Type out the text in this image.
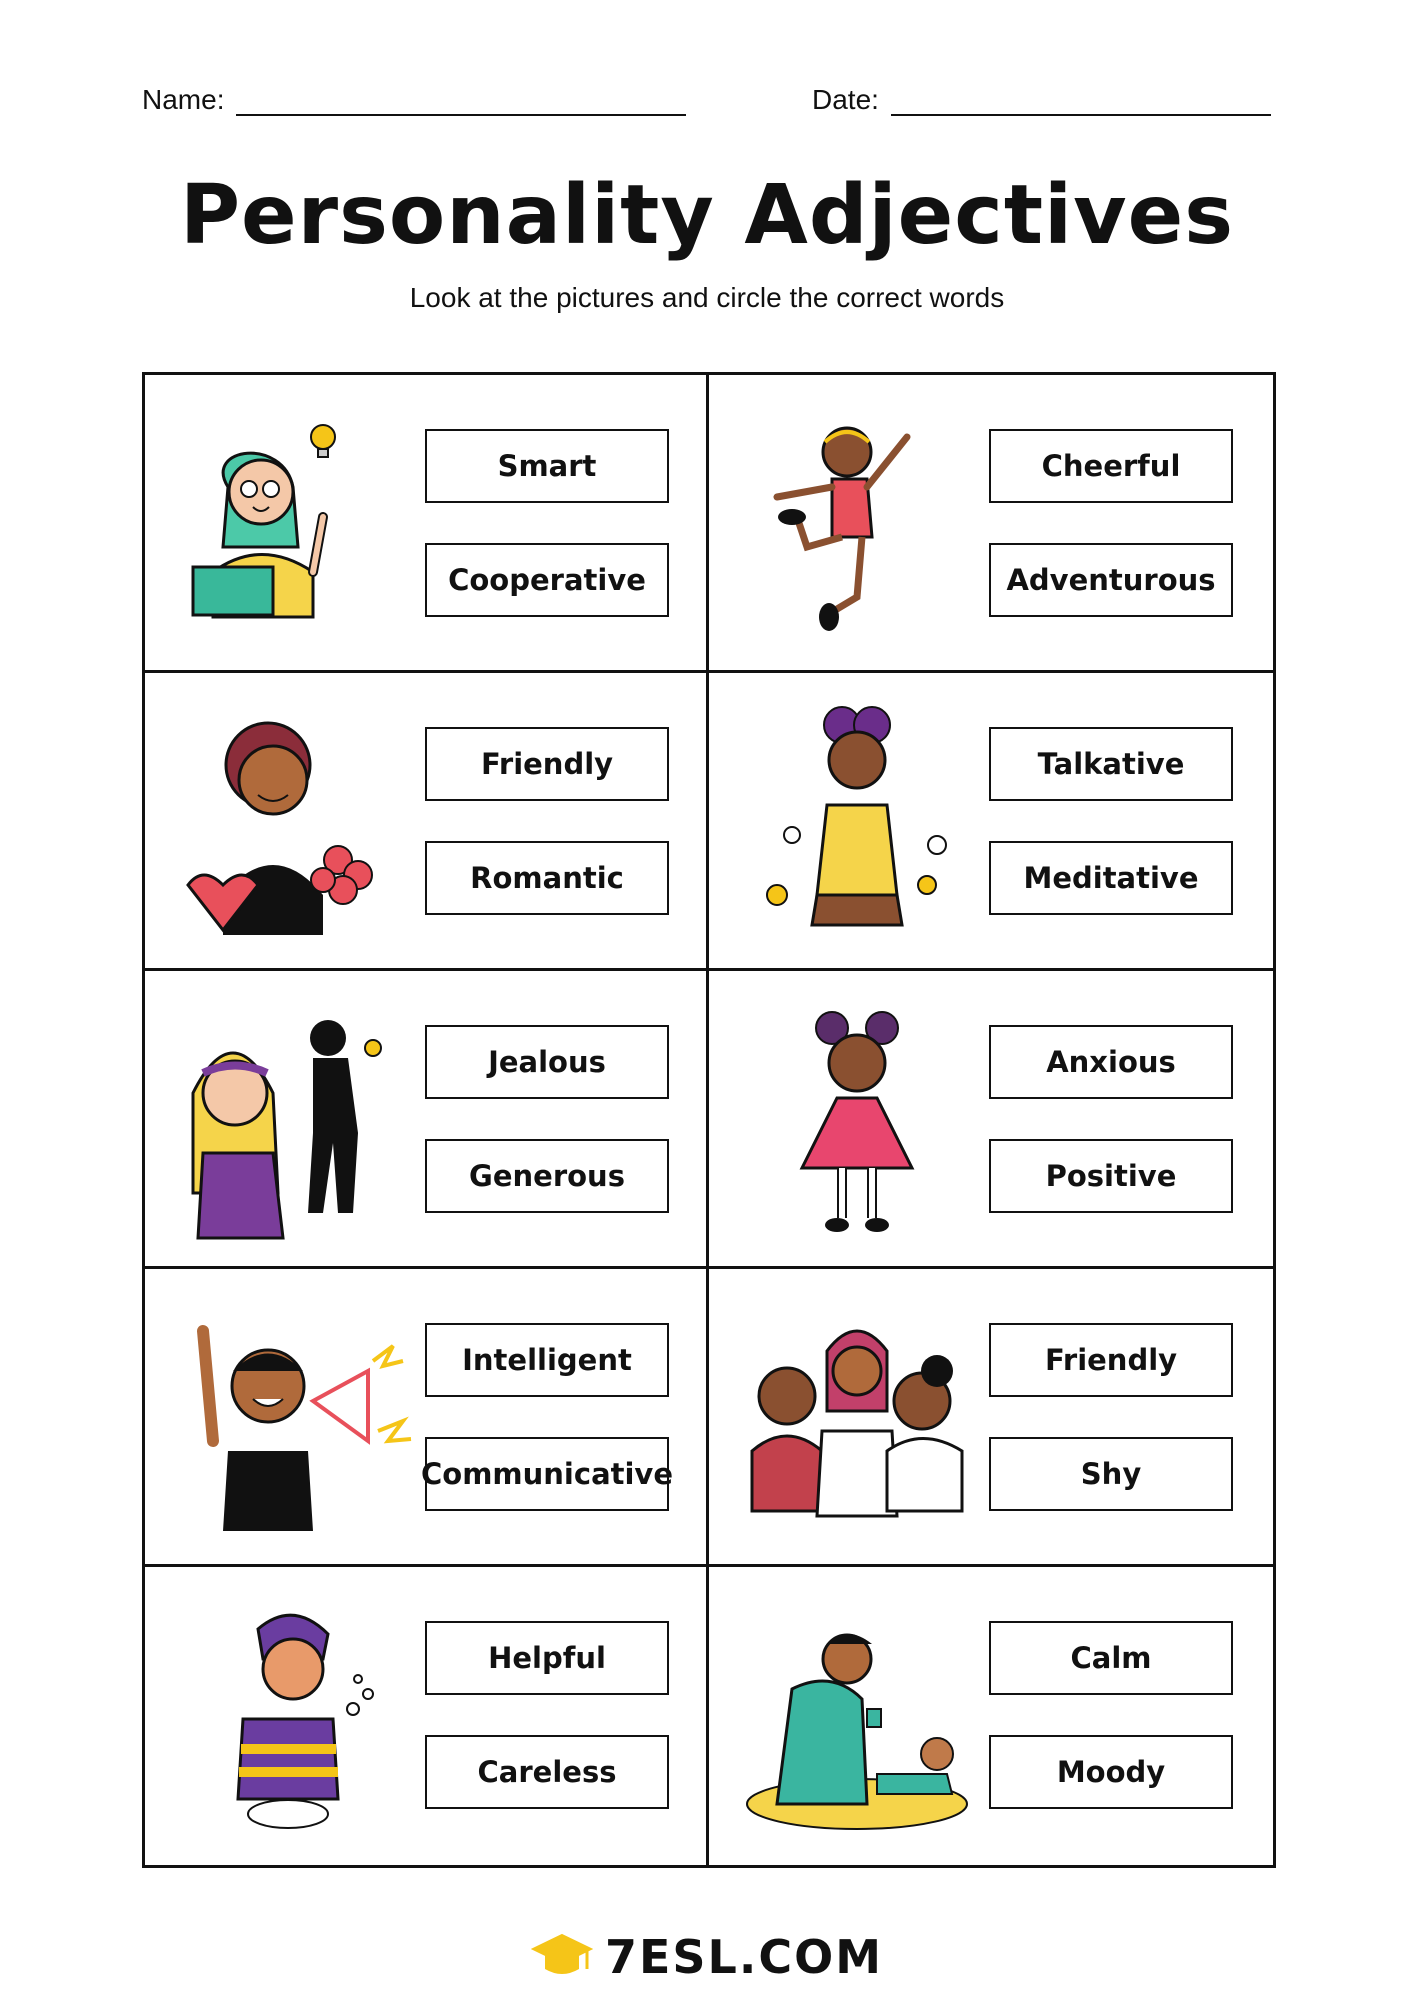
Name:	Date:
Personality Adjectives
Look at the pictures and circle the correct words
Smart
Cooperative
Cheerful
Adventurous
Friendly
Romantic
Talkative
Meditative
Jealous
Generous
Anxious
Positive
Intelligent
Communicative
Friendly
Shy
Helpful
Careless
Calm
Moody
7ESL.COM
